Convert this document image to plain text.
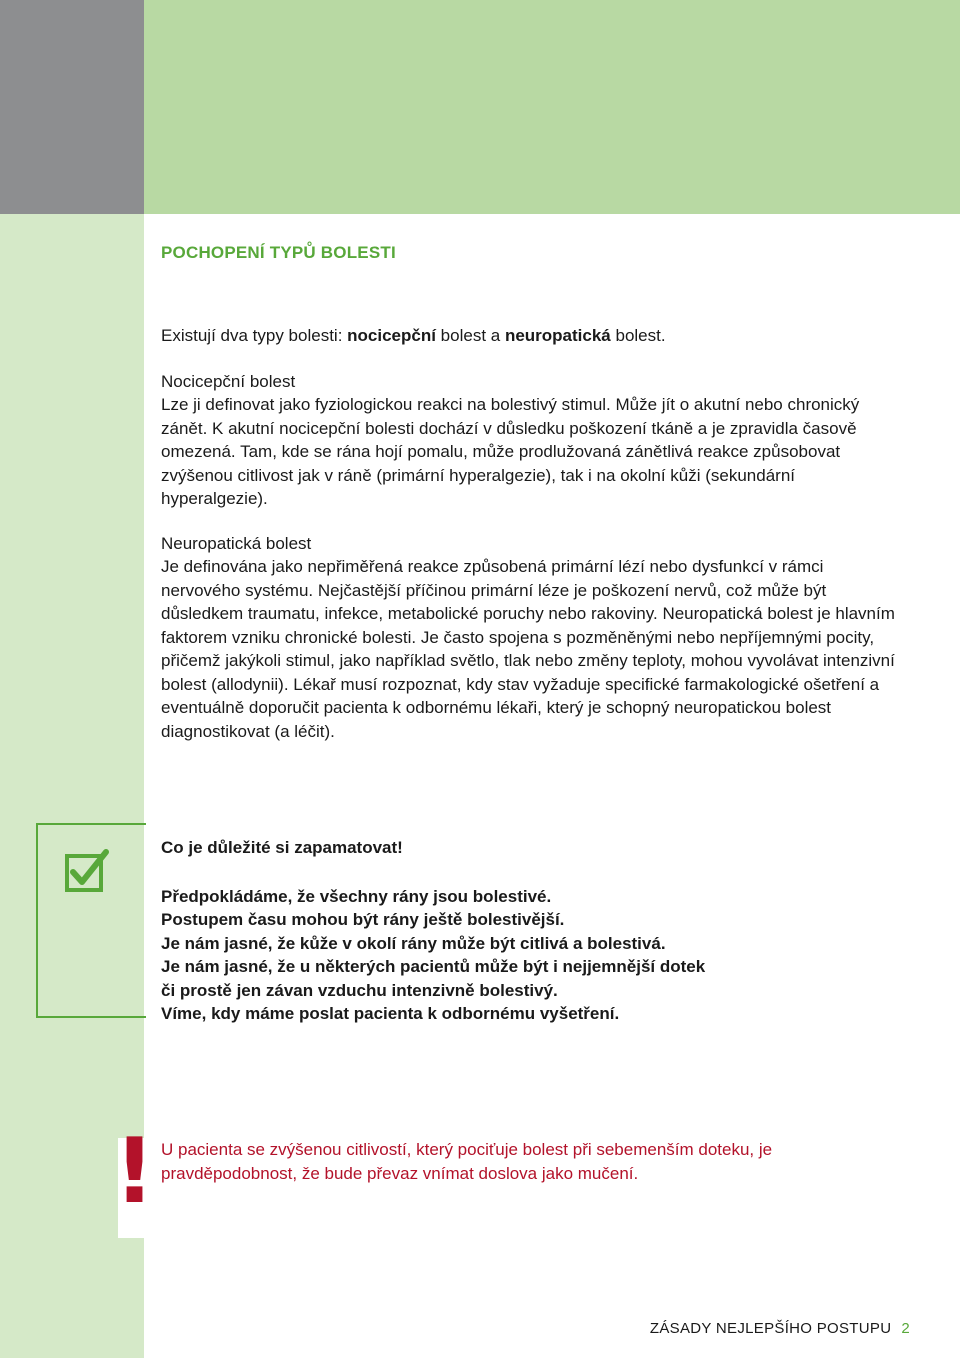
POCHOPENÍ TYPŮ BOLESTI

Existují dva typy bolesti: nocicepční bolest a neuropatická bolest.

Nocicepční bolest

Lze ji definovat jako fyziologickou reakci na bolestivý stimul. Může jít o akutní nebo chronický zánět. K akutní nocicepční bolesti dochází v důsledku poškození tkáně a je zpravidla časově omezená. Tam, kde se rána hojí pomalu, může prodlužovaná zánětlivá reakce způsobovat zvýšenou citlivost jak v ráně (primární hyperalgezie), tak i na okolní kůži (sekundární hyperalgezie).

Neuropatická bolest

Je definována jako nepřiměřená reakce způsobená primární lézí nebo dysfunkcí v rámci nervového systému. Nejčastější příčinou primární léze je poškození nervů, což může být důsledkem traumatu, infekce, metabolické poruchy nebo rakoviny. Neuropatická bolest je hlavním faktorem vzniku chronické bolesti. Je často spojena s pozměněnými nebo nepříjemnými pocity, přičemž jakýkoli stimul, jako například světlo, tlak nebo změny teploty, mohou vyvolávat intenzivní bolest (allodynii). Lékař musí rozpoznat, kdy stav vyžaduje specifické farmakologické ošetření a eventuálně doporučit pacienta k odbornému lékaři, který je schopný neuropatickou bolest diagnostikovat (a léčit).

Co je důležité si zapamatovat!

Předpokládáme, že všechny rány jsou bolestivé.

Postupem času mohou být rány ještě bolestivější.

Je nám jasné, že kůže v okolí rány může být citlivá a bolestivá.

Je nám jasné, že u některých pacientů může být i nejjemnější dotek

či prostě jen závan vzduchu intenzivně bolestivý.

Víme, kdy máme poslat pacienta k odbornému vyšetření.

! U pacienta se zvýšenou citlivostí, který pociťuje bolest při sebemenším doteku, je pravděpodobnost, že bude převaz vnímat doslova jako mučení.

ZÁSADY NEJLEPŠÍHO POSTUPU 2
